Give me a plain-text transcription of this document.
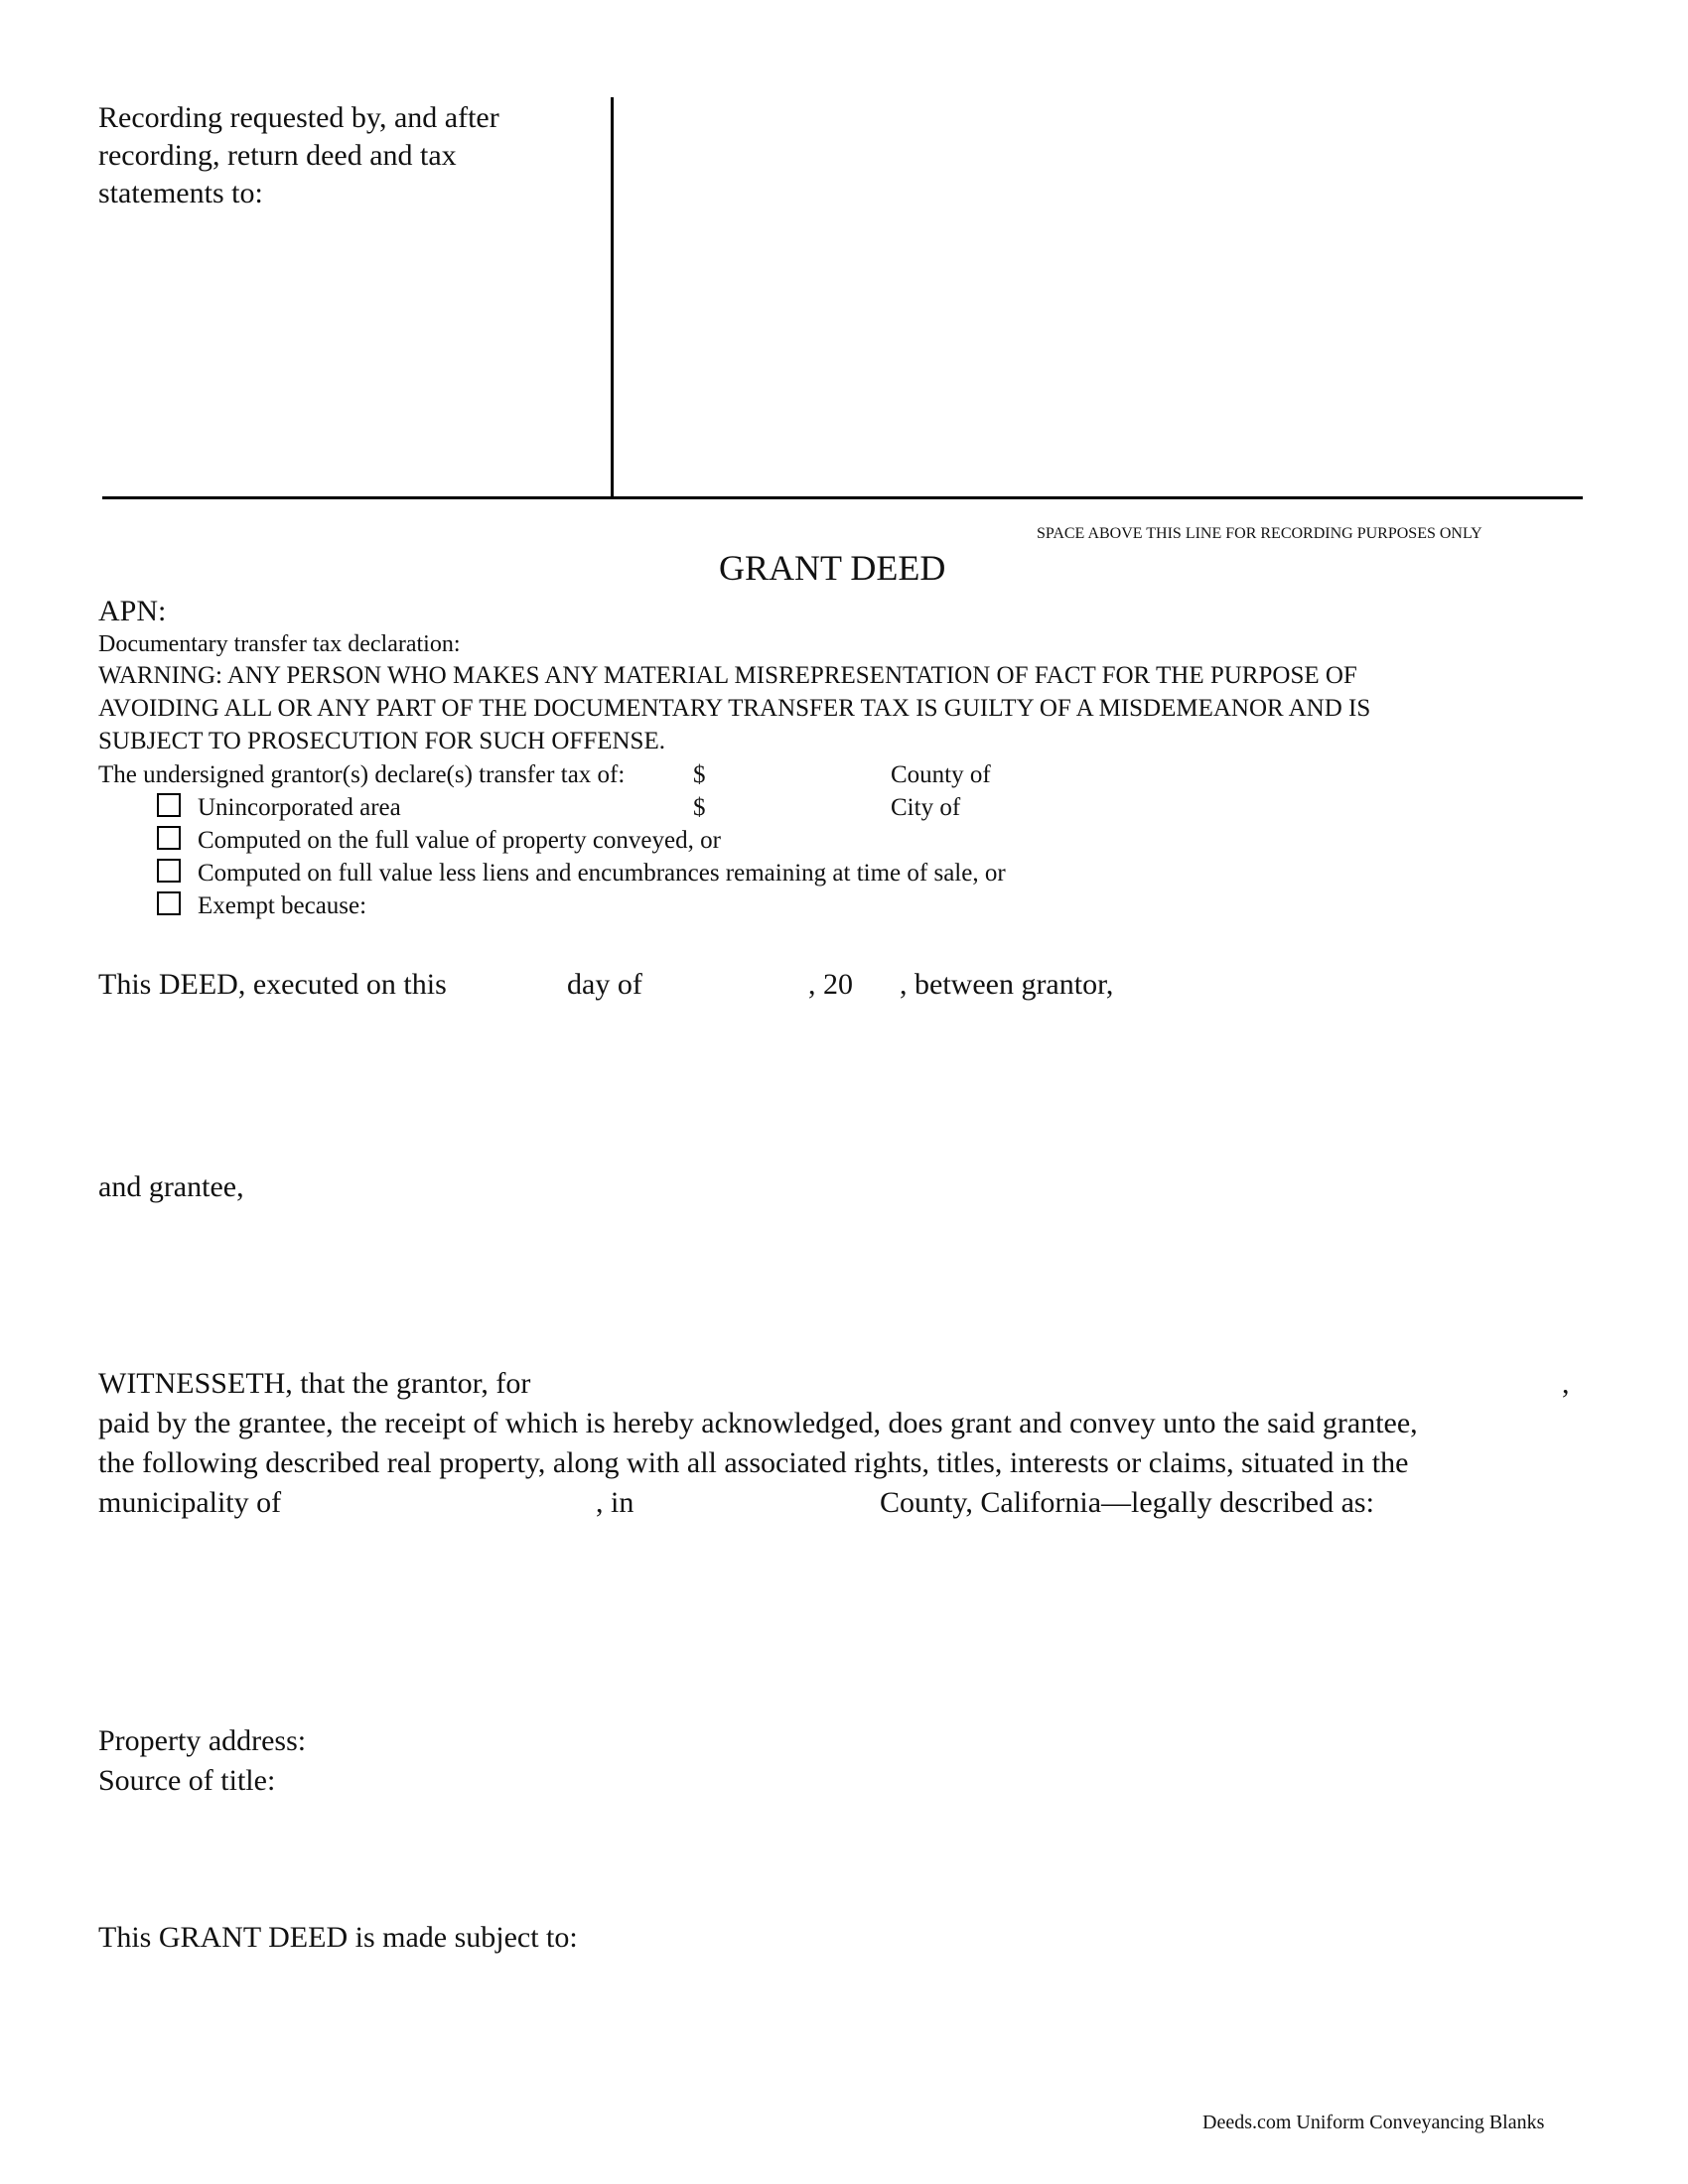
Recording requested by, and after
recording, return deed and tax
statements to:
SPACE ABOVE THIS LINE FOR RECORDING PURPOSES ONLY
GRANT DEED
APN:
Documentary transfer tax declaration:
WARNING: ANY PERSON WHO MAKES ANY MATERIAL MISREPRESENTATION OF FACT FOR THE PURPOSE OF
AVOIDING ALL OR ANY PART OF THE DOCUMENTARY TRANSFER TAX IS GUILTY OF A MISDEMEANOR AND IS
SUBJECT TO PROSECUTION FOR SUCH OFFENSE.
The undersigned grantor(s) declare(s) transfer tax of:	$	County of
Unincorporated area	$	City of
Computed on the full value of property conveyed, or
Computed on full value less liens and encumbrances remaining at time of sale, or
Exempt because:
This DEED, executed on this	day of	, 20 , between grantor,
and grantee,
WITNESSETH, that the grantor, for	,
paid by the grantee, the receipt of which is hereby acknowledged, does grant and convey unto the said grantee,
the following described real property, along with all associated rights, titles, interests or claims, situated in the
municipality of	, in	County, California—legally described as:
Property address:
Source of title:
This GRANT DEED is made subject to:
Deeds.com Uniform Conveyancing Blanks
